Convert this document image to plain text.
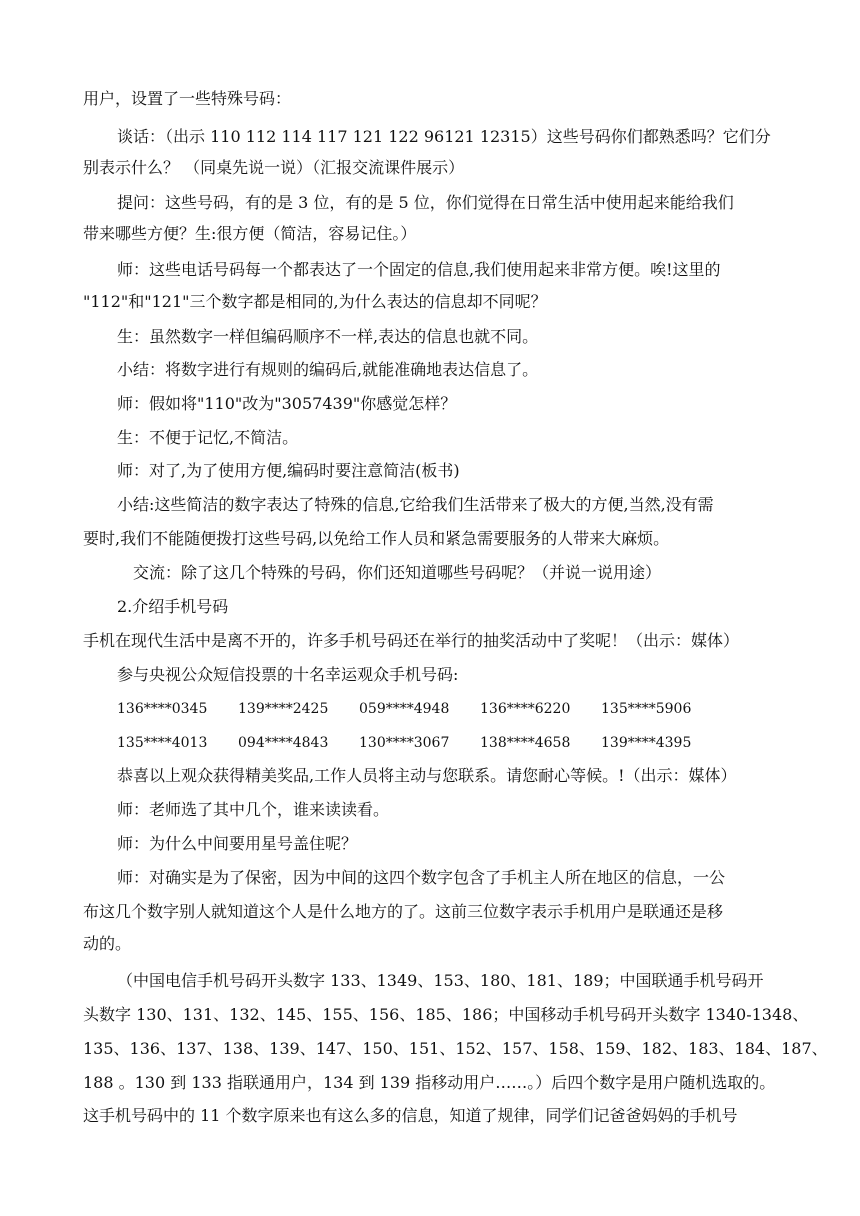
用户，设置了一些特殊号码：
谈话：（出示 110 112 114 117 121 122 96121 12315）这些号码你们都熟悉吗？它们分
别表示什么？ （同桌先说一说）（汇报交流课件展示）
提问：这些号码，有的是 3 位，有的是 5 位，你们觉得在日常生活中使用起来能给我们
带来哪些方便？生:很方便（简洁，容易记住。）
师：这些电话号码每一个都表达了一个固定的信息,我们使用起来非常方便。唉!这里的
"112"和"121"三个数字都是相同的,为什么表达的信息却不同呢？
生：虽然数字一样但编码顺序不一样,表达的信息也就不同。
小结：将数字进行有规则的编码后,就能准确地表达信息了。
师：假如将"110"改为"3057439"你感觉怎样？
生：不便于记忆,不简洁。
师：对了,为了使用方便,编码时要注意简洁(板书)
小结:这些简洁的数字表达了特殊的信息,它给我们生活带来了极大的方便,当然,没有需
要时,我们不能随便拨打这些号码,以免给工作人员和紧急需要服务的人带来大麻烦。
交流：除了这几个特殊的号码，你们还知道哪些号码呢？（并说一说用途）
2.介绍手机号码
手机在现代生活中是离不开的，许多手机号码还在举行的抽奖活动中了奖呢！（出示：媒体）
参与央视公众短信投票的十名幸运观众手机号码:
136****0345 139****2425 059****4948 136****6220 135****5906
135****4013 094****4843 130****3067 138****4658 139****4395
恭喜以上观众获得精美奖品,工作人员将主动与您联系。请您耐心等候。!（出示：媒体）
师：老师选了其中几个，谁来读读看。
师：为什么中间要用星号盖住呢？
师：对确实是为了保密，因为中间的这四个数字包含了手机主人所在地区的信息，一公
布这几个数字别人就知道这个人是什么地方的了。这前三位数字表示手机用户是联通还是移
动的。
（中国电信手机号码开头数字 133、1349、153、180、181、189；中国联通手机号码开
头数字 130、131、132、145、155、156、185、186；中国移动手机号码开头数字 1340-1348、
135、136、137、138、139、147、150、151、152、157、158、159、182、183、184、187、
188 。130 到 133 指联通用户，134 到 139 指移动用户……。）后四个数字是用户随机选取的。
这手机号码中的 11 个数字原来也有这么多的信息，知道了规律，同学们记爸爸妈妈的手机号
